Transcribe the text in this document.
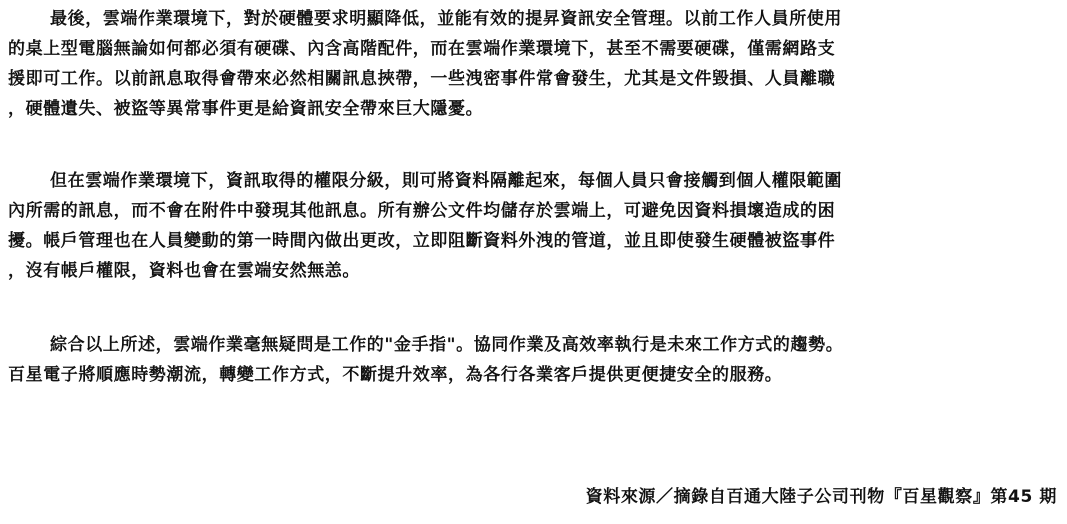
最後，雲端作業環境下，對於硬體要求明顯降低，並能有效的提昇資訊安全管理。以前工作人員所使用
的桌上型電腦無論如何都必須有硬碟、內含高階配件，而在雲端作業環境下，甚至不需要硬碟，僅需網路支
援即可工作。以前訊息取得會帶來必然相關訊息挾帶，一些洩密事件常會發生，尤其是文件毀損、人員離職
，硬體遺失、被盜等異常事件更是給資訊安全帶來巨大隱憂。
但在雲端作業環境下，資訊取得的權限分級，則可將資料隔離起來，每個人員只會接觸到個人權限範圍
內所需的訊息，而不會在附件中發現其他訊息。所有辦公文件均儲存於雲端上，可避免因資料損壞造成的困
擾。帳戶管理也在人員變動的第一時間內做出更改，立即阻斷資料外洩的管道，並且即使發生硬體被盜事件
，沒有帳戶權限，資料也會在雲端安然無恙。
綜合以上所述，雲端作業毫無疑問是工作的"金手指"。協同作業及高效率執行是未來工作方式的趨勢。
百星電子將順應時勢潮流，轉變工作方式，不斷提升效率，為各行各業客戶提供更便捷安全的服務。
資料來源／摘錄自百通大陸子公司刊物『百星觀察』第45 期
